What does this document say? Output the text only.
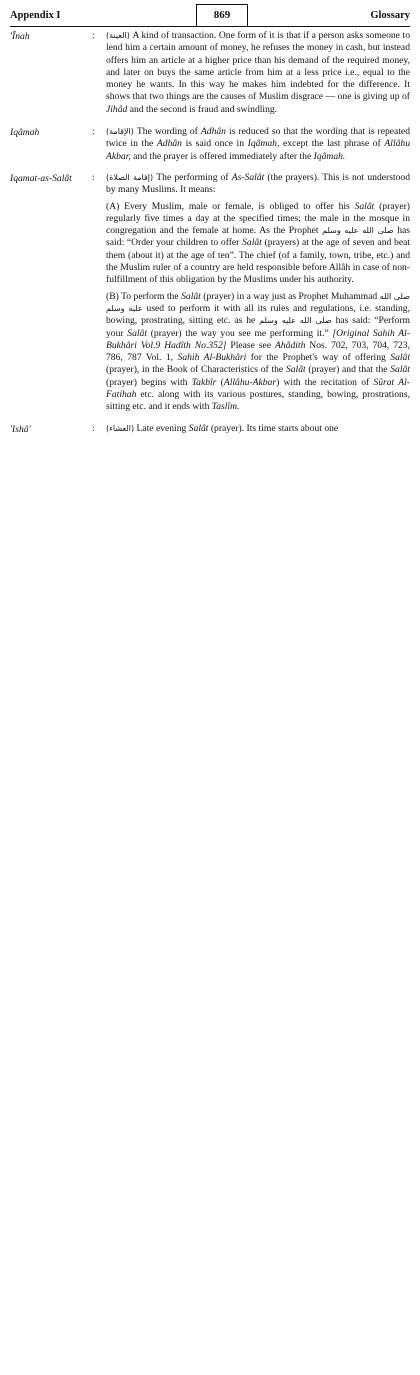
Appendix I	869	Glossary
'Înah	:	(العينة) A kind of transaction. One form of it is that if a person asks someone to lend him a certain amount of money, he refuses the money in cash, but instead offers him an article at a higher price than his demand of the required money, and later on buys the same article from him at a less price i.e., equal to the money he wants. In this way he makes him indebted for the difference. It shows that two things are the causes of Muslim disgrace — one is giving up of Jihâd and the second is fraud and swindling.

Iqâmah	:	(الإقامة) The wording of Adhân is reduced so that the wording that is repeated twice in the Adhân is said once in Iqâmah, except the last phrase of Allâhu Akbar, and the prayer is offered immediately after the Iqâmah.

Iqamat-as-Salât	:	(إقامة الصلاة) The performing of As-Salât (the prayers). This is not understood by many Muslims. It means:

(A) Every Muslim, male or female, is obliged to offer his Salât (prayer) regularly five times a day at the specified times; the male in the mosque in congregation and the female at home. As the Prophet صلى الله عليه وسلم has said: “Order your children to offer Salât (prayers) at the age of seven and beat them (about it) at the age of ten”. The chief (of a family, town, tribe, etc.) and the Muslim ruler of a country are held responsible before Allâh in case of non-fulfillment of this obligation by the Muslims under his authority.

(B) To perform the Salât (prayer) in a way just as Prophet Muhammad صلى الله عليه وسلم used to perform it with all its rules and regulations, i.e. standing, bowing, prostrating, sitting etc. as he صلى الله عليه وسلم has said: “Perform your Salât (prayer) the way you see me performing it.” [Original Sahih Al-Bukhâri Vol.9 Hadîth No.352] Please see Ahâdith Nos. 702, 703, 704, 723, 786, 787 Vol. 1, Sahih Al-Bukhâri for the Prophet's way of offering Salât (prayer), in the Book of Characteristics of the Salât (prayer) and that the Salât (prayer) begins with Takbîr (Allâhu-Akbar) with the recitation of Sûrat Al-Fatihah etc. along with its various postures, standing, bowing, prostrations, sitting etc. and it ends with Taslîm.

'Ishâ'	:	(العشاء) Late evening Salât (prayer). Its time starts about one
